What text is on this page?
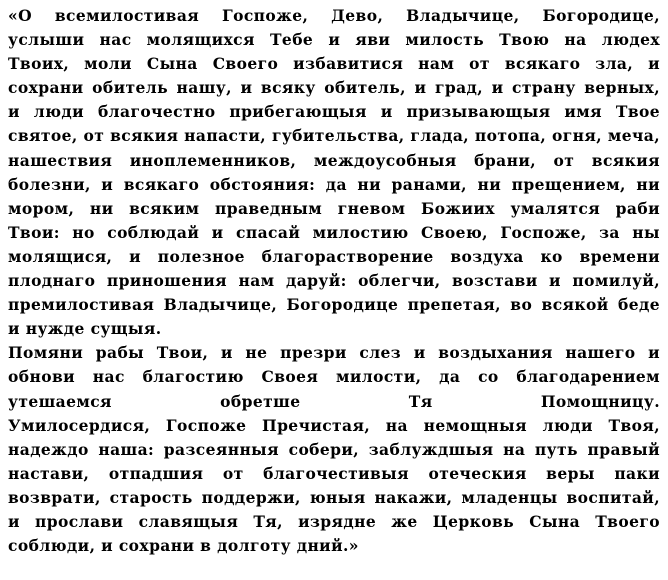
«О всемилостивая Госпоже, Дево, Владычице, Богородице,
услыши нас молящихся Тебе и яви милость Твою на людех
Твоих, моли Сына Своего избавитися нам от всякаго зла, и
сохрани обитель нашу, и всяку обитель, и град, и страну верных,
и люди благочестно прибегающыя и призывающыя имя Твое
святое, от всякия напасти, губительства, глада, потопа, огня, меча,
нашествия иноплеменников, междоусобныя брани, от всякия
болезни, и всякаго обстояния: да ни ранами, ни прещением, ни
мором, ни всяким праведным гневом Божиих умалятся раби
Твои: но соблюдай и спасай милостию Своею, Госпоже, за ны
молящися, и полезное благорастворение воздуха ко времени
плоднаго приношения нам даруй: облегчи, возстави и помилуй,
премилостивая Владычице, Богородице препетая, во всякой беде
и нужде сущыя.
Помяни рабы Твои, и не презри слез и воздыхания нашего и
обнови нас благостию Своея милости, да со благодарением
утешаемся обретше Тя Помощницу.
Умилосердися, Госпоже Пречистая, на немощныя люди Твоя,
надеждо наша: разсеянныя собери, заблуждшыя на путь правый
настави, отпадшия от благочестивыя отеческия веры паки
возврати, старость поддержи, юныя накажи, младенцы воспитай,
и прослави славящыя Тя, изрядне же Церковь Сына Твоего
соблюди, и сохрани в долготу дний.»
